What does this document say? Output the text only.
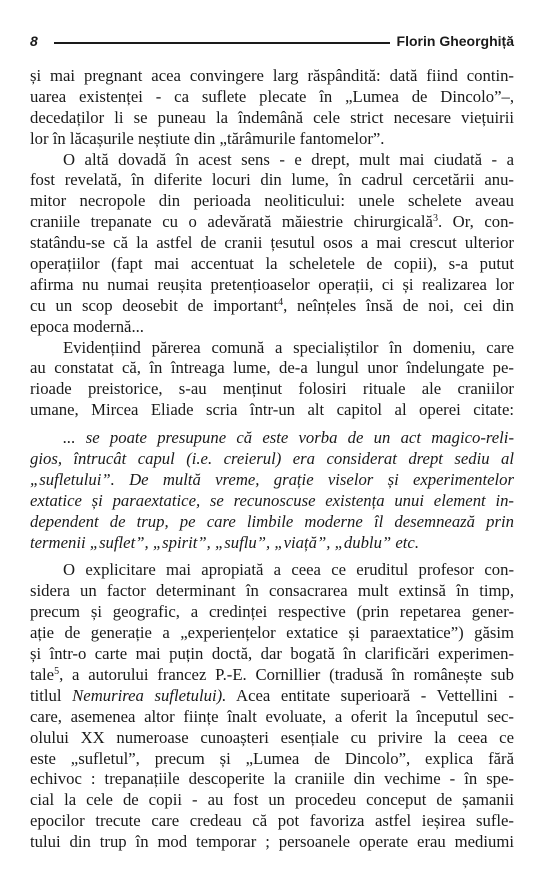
8	Florin Gheorghiță
și mai pregnant acea convingere larg răspândită: dată fiind contin-
uarea existenței - ca suflete plecate în „Lumea de Dincolo”–,
decedaților li se puneau la îndemână cele strict necesare viețuirii
lor în lăcașurile neștiute din „tărâmurile fantomelor”.
O altă dovadă în acest sens - e drept, mult mai ciudată - a
fost revelată, în diferite locuri din lume, în cadrul cercetării anu-
mitor necropole din perioada neoliticului: unele schelete aveau
craniile trepanate cu o adevărată măiestrie chirurgicală$^3$. Or, con-
statându-se că la astfel de cranii țesutul osos a mai crescut ulterior
operațiilor (fapt mai accentuat la scheletele de copii), s-a putut
afirma nu numai reușita pretențioaselor operații, ci și realizarea lor
cu un scop deosebit de important$^4$, neînțeles însă de noi, cei din
epoca modernă...
Evidențiind părerea comună a specialiștilor în domeniu, care
au constatat că, în întreaga lume, de-a lungul unor îndelungate pe-
rioade preistorice, s-au menținut folosiri rituale ale craniilor
umane, Mircea Eliade scria într-un alt capitol al operei citate:
... se poate presupune că este vorba de un act magico-reli-
gios, întrucât capul (i.e. creierul) era considerat drept sediu al
„sufletului”. De multă vreme, grație viselor și experimentelor
extatice și paraextatice, se recunoscuse existența unui element in-
dependent de trup, pe care limbile moderne îl desemnează prin
termenii „suflet”, „spirit”, „suflu”, „viață”, „dublu” etc.
O explicitare mai apropiată a ceea ce eruditul profesor con-
sidera un factor determinant în consacrarea mult extinsă în timp,
precum și geografic, a credinței respective (prin repetarea gener-
ație de generație a „experiențelor extatice și paraextatice”) găsim
și într-o carte mai puțin doctă, dar bogată în clarificări experimen-
tale$^5$, a autorului francez P.-E. Cornillier (tradusă în românește sub
titlul Nemurirea sufletului). Acea entitate superioară - Vettellini -
care, asemenea altor ființe înalt evoluate, a oferit la începutul sec-
olului XX numeroase cunoașteri esențiale cu privire la ceea ce
este „sufletul”, precum și „Lumea de Dincolo”, explica fără
echivoc : trepanațiile descoperite la craniile din vechime - în spe-
cial la cele de copii - au fost un procedeu conceput de șamanii
epocilor trecute care credeau că pot favoriza astfel ieșirea sufle-
tului din trup în mod temporar ; persoanele operate erau mediumi
